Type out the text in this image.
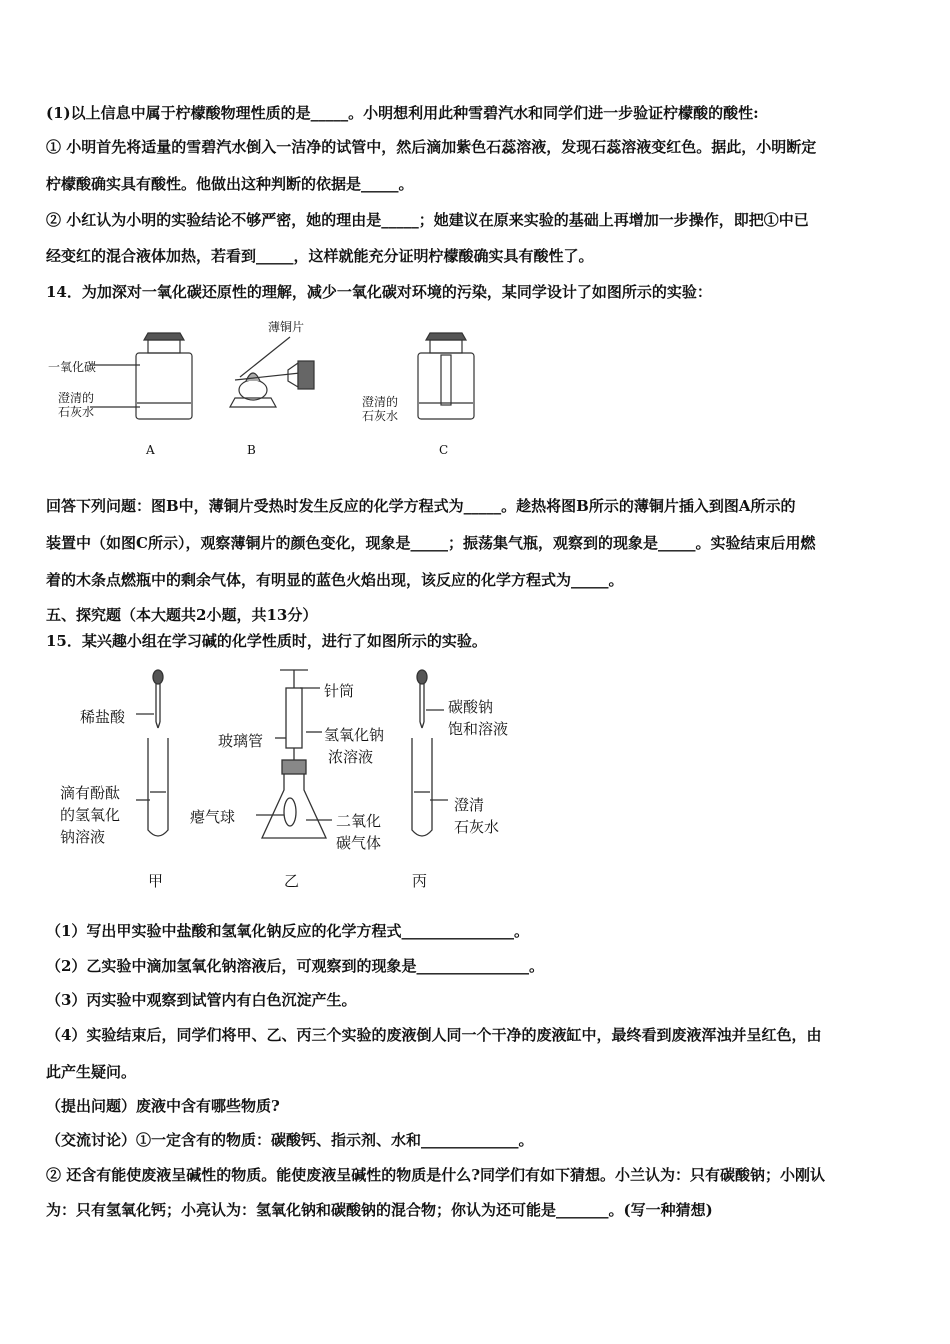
(1)以上信息中属于柠檬酸物理性质的是_____。小明想利用此种雪碧汽水和同学们进一步验证柠檬酸的酸性:
① 小明首先将适量的雪碧汽水倒入一洁净的试管中，然后滴加紫色石蕊溶液，发现石蕊溶液变红色。据此，小明断定
柠檬酸确实具有酸性。他做出这种判断的依据是_____。
② 小红认为小明的实验结论不够严密，她的理由是_____；她建议在原来实验的基础上再增加一步操作，即把①中已
经变红的混合液体加热，若看到_____，这样就能充分证明柠檬酸确实具有酸性了。
14．为加深对一氧化碳还原性的理解，减少一氧化碳对环境的污染，某同学设计了如图所示的实验：
一氧化碳
澄清的
石灰水
薄铜片
澄清的
石灰水
A	B	C
回答下列问题：图B中，薄铜片受热时发生反应的化学方程式为_____。趁热将图B所示的薄铜片插入到图A所示的
装置中（如图C所示），观察薄铜片的颜色变化，现象是_____；振荡集气瓶，观察到的现象是_____。实验结束后用燃
着的木条点燃瓶中的剩余气体，有明显的蓝色火焰出现，该反应的化学方程式为_____。
五、探究题（本大题共2小题，共13分）
15．某兴趣小组在学习碱的化学性质时，进行了如图所示的实验。
稀盐酸
滴有酚酞
的氢氧化
钠溶液
针筒
玻璃管	氢氧化钠
浓溶液
瘪气球	二氧化
碳气体
碳酸钠
饱和溶液
澄清
石灰水
甲	乙	丙
（1）写出甲实验中盐酸和氢氧化钠反应的化学方程式_______________。
（2）乙实验中滴加氢氧化钠溶液后，可观察到的现象是_______________。
（3）丙实验中观察到试管内有白色沉淀产生。
（4）实验结束后，同学们将甲、乙、丙三个实验的废液倒人同一个干净的废液缸中，最终看到废液浑浊并呈红色，由
此产生疑问。
（提出问题）废液中含有哪些物质?
（交流讨论）①一定含有的物质：碳酸钙、指示剂、水和_____________。
② 还含有能使废液呈碱性的物质。能使废液呈碱性的物质是什么?同学们有如下猜想。小兰认为：只有碳酸钠；小刚认
为：只有氢氧化钙；小亮认为：氢氧化钠和碳酸钠的混合物；你认为还可能是_______。(写一种猜想)
